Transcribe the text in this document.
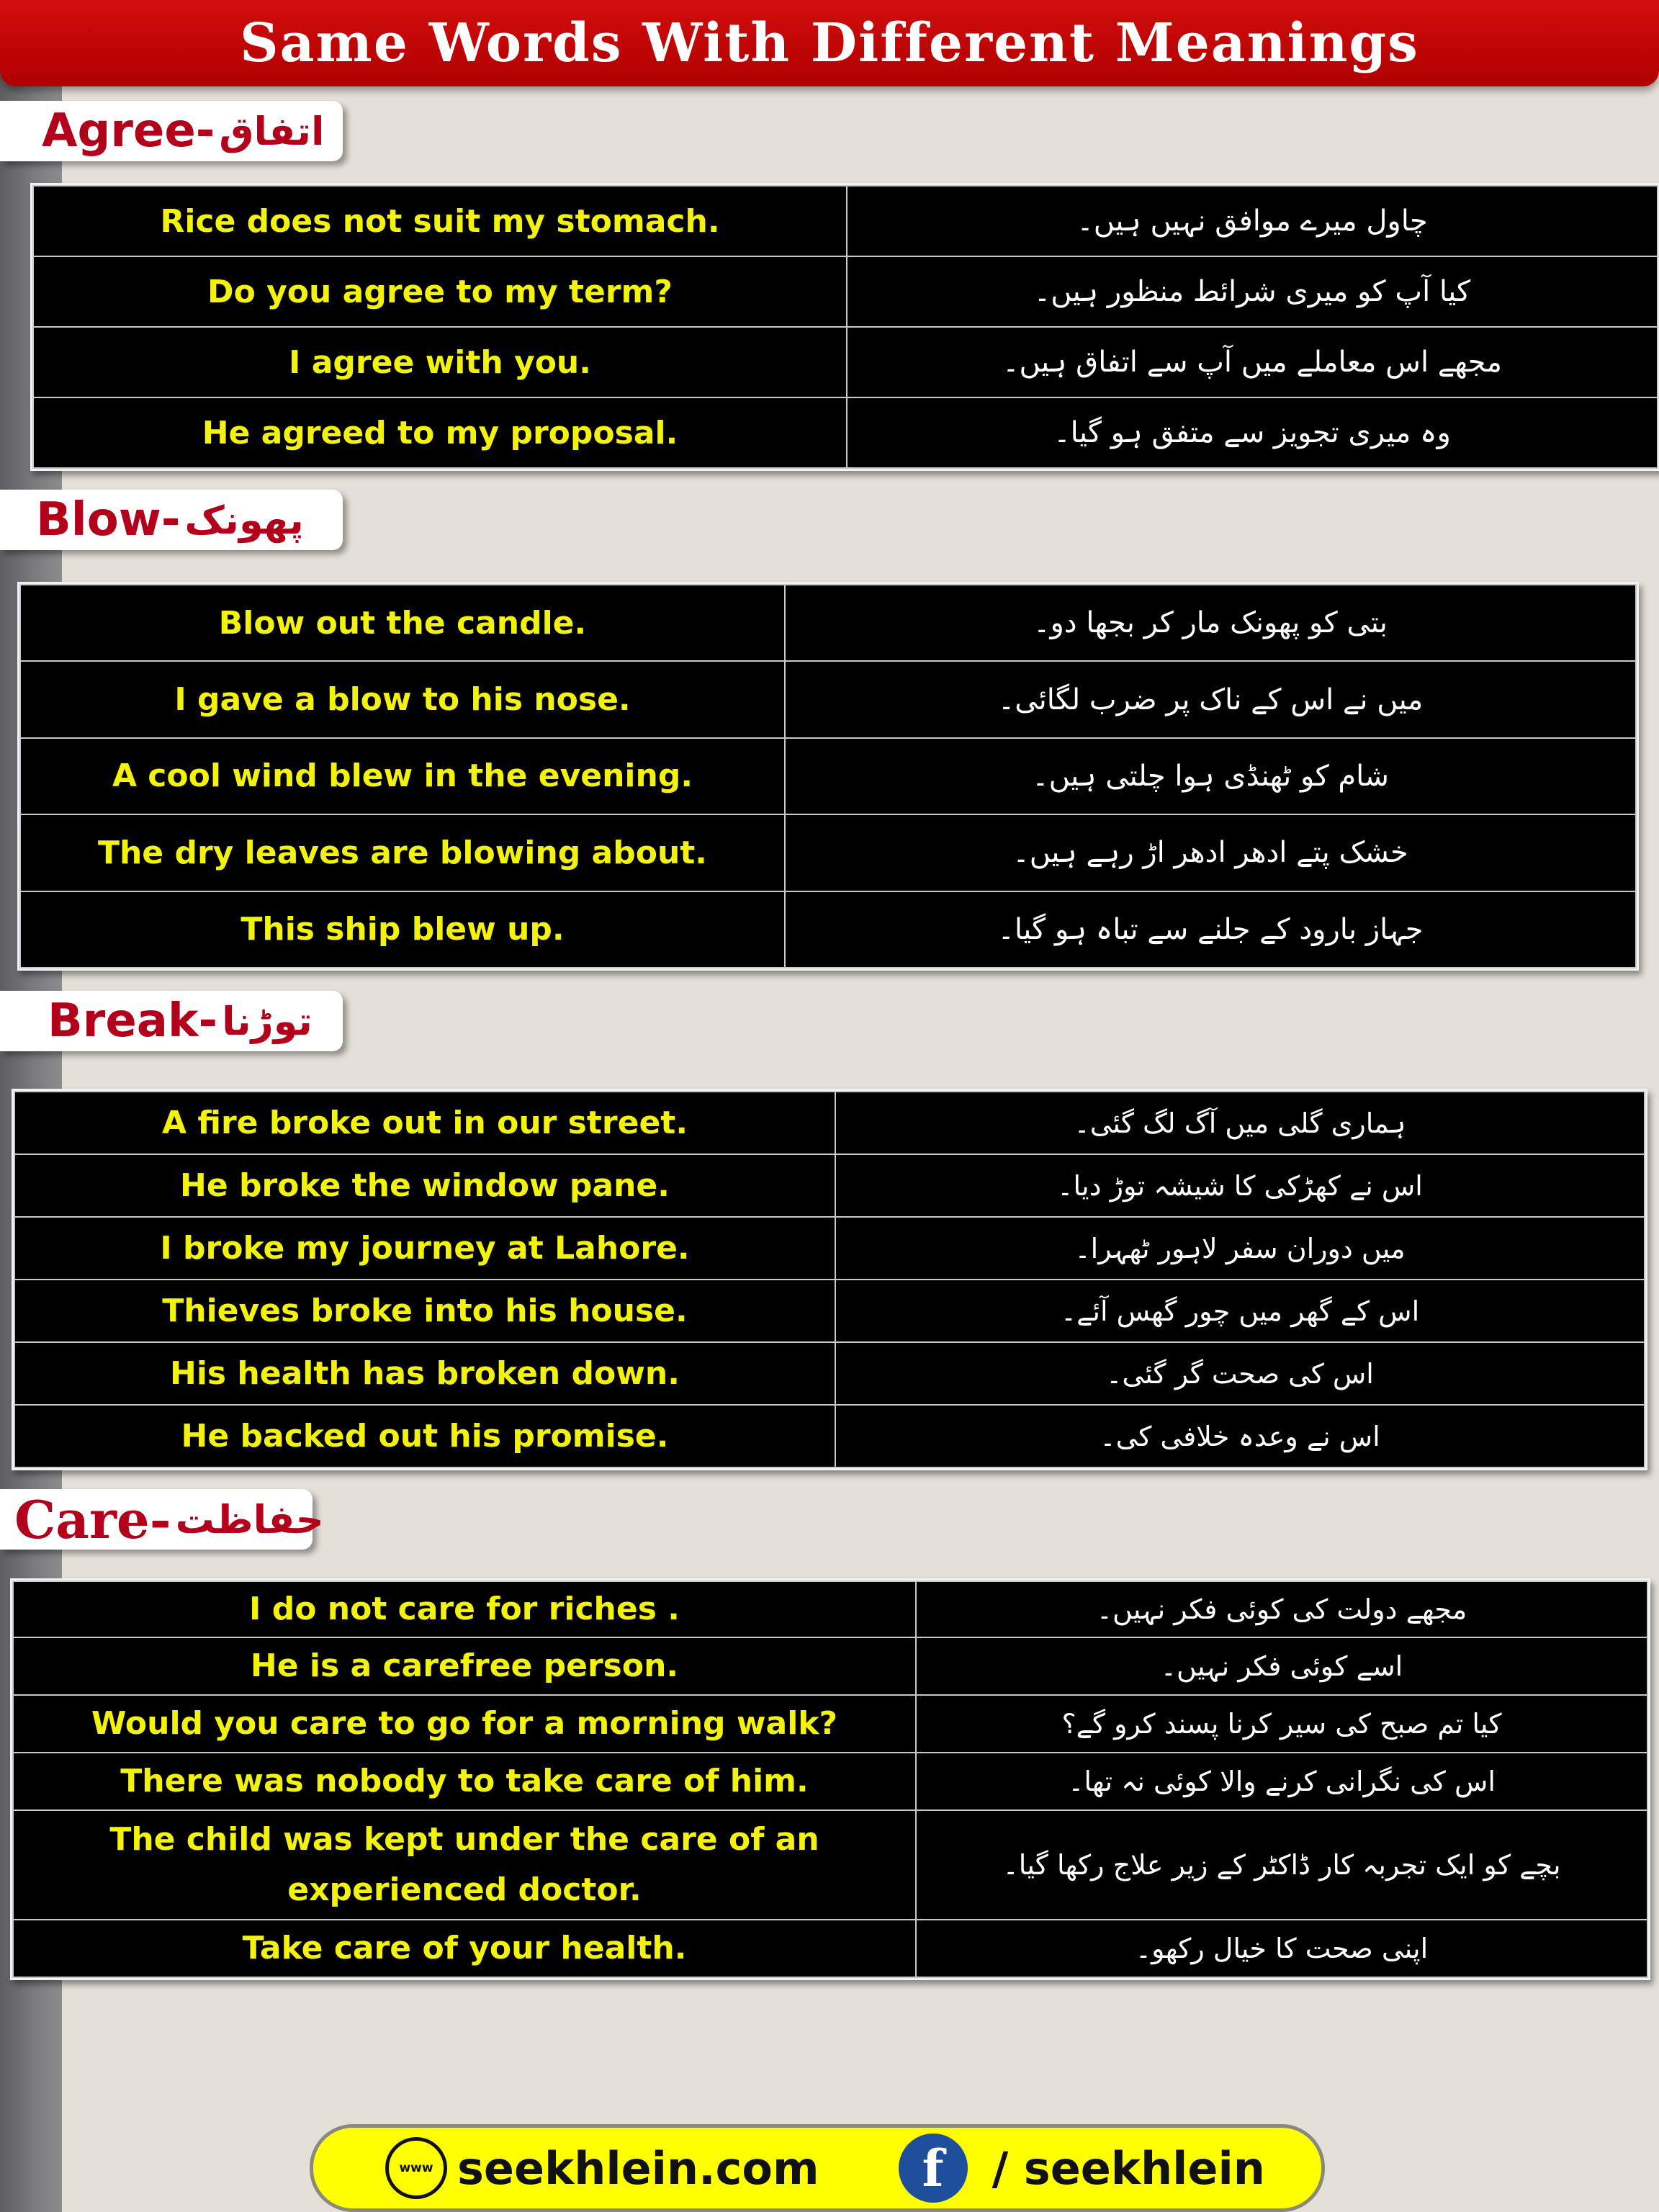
Same Words With Different Meanings
Agree- اتفاق
Rice does not suit my stomach.	چاول میرے موافق نہیں ہیں۔
Do you agree to my term?	کیا آپ کو میری شرائط منظور ہیں۔
I agree with you.	مجھے اس معاملے میں آپ سے اتفاق ہیں۔
He agreed to my proposal.	وہ میری تجویز سے متفق ہو گیا۔
Blow- پھونک
Blow out the candle.	بتی کو پھونک مار کر بجھا دو۔
I gave a blow to his nose.	میں نے اس کے ناک پر ضرب لگائی۔
A cool wind blew in the evening.	شام کو ٹھنڈی ہوا چلتی ہیں۔
The dry leaves are blowing about.	خشک پتے ادھر ادھر اڑ رہے ہیں۔
This ship blew up.	جہاز بارود کے جلنے سے تباہ ہو گیا۔
Break- توڑنا
A fire broke out in our street.	ہماری گلی میں آگ لگ گئی۔
He broke the window pane.	اس نے کھڑکی کا شیشہ توڑ دیا۔
I broke my journey at Lahore.	میں دوران سفر لاہور ٹھہرا۔
Thieves broke into his house.	اس کے گھر میں چور گھس آئے۔
His health has broken down.	اس کی صحت گر گئی۔
He backed out his promise.	اس نے وعدہ خلافی کی۔
Care- حفاظت
I do not care for riches .	مجھے دولت کی کوئی فکر نہیں۔
He is a carefree person.	اسے کوئی فکر نہیں۔
Would you care to go for a morning walk?	کیا تم صبح کی سیر کرنا پسند کرو گے؟
There was nobody to take care of him.	اس کی نگرانی کرنے والا کوئی نہ تھا۔
The child was kept under the care of an experienced doctor.	بچے کو ایک تجربہ کار ڈاکٹر کے زیر علاج رکھا گیا۔
Take care of your health.	اپنی صحت کا خیال رکھو۔
www seekhlein.com f / seekhlein
